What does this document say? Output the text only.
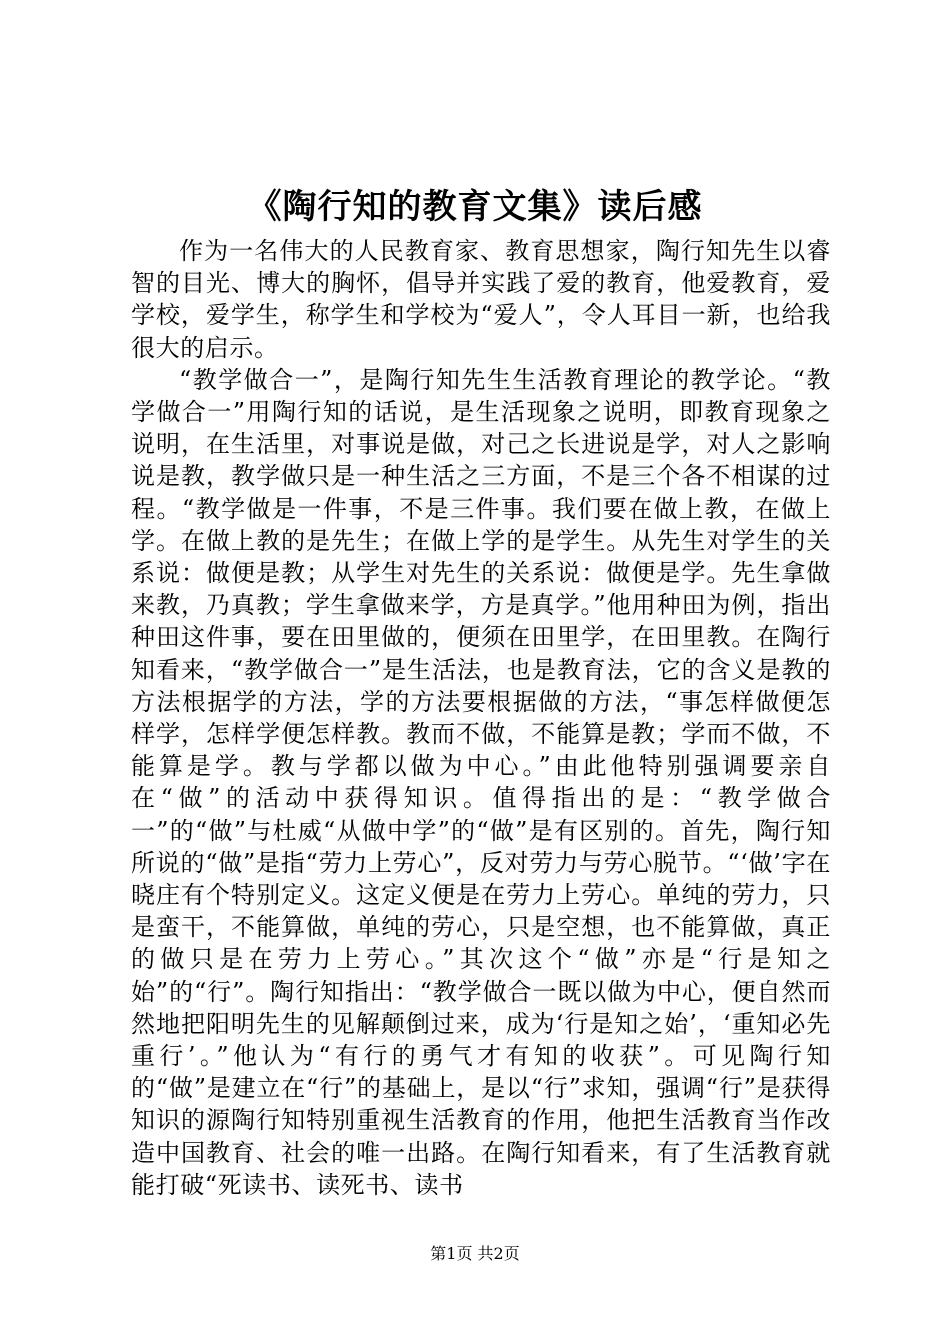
《陶行知的教育文集》读后感

作为一名伟大的人民教育家、教育思想家，陶行知先生以睿智的目光、博大的胸怀，倡导并实践了爱的教育，他爱教育，爱学校，爱学生，称学生和学校为“爱人”，令人耳目一新，也给我很大的启示。

“教学做合一”，是陶行知先生生活教育理论的教学论。“教学做合一”用陶行知的话说，是生活现象之说明，即教育现象之说明，在生活里，对事说是做，对己之长进说是学，对人之影响说是教，教学做只是一种生活之三方面，不是三个各不相谋的过程。“教学做是一件事，不是三件事。我们要在做上教，在做上学。在做上教的是先生；在做上学的是学生。从先生对学生的关系说：做便是教；从学生对先生的关系说：做便是学。先生拿做来教，乃真教；学生拿做来学，方是真学。”他用种田为例，指出种田这件事，要在田里做的，便须在田里学，在田里教。在陶行知看来，“教学做合一”是生活法，也是教育法，它的含义是教的方法根据学的方法，学的方法要根据做的方法，“事怎样做便怎样学，怎样学便怎样教。教而不做，不能算是教；学而不做，不能算是学。教与学都以做为中心。”由此他特别强调要亲自在“做”的活动中获得知识。值得指出的是：“教学做合一”的“做”与杜威“从做中学”的“做”是有区别的。首先，陶行知所说的“做”是指“劳力上劳心”，反对劳力与劳心脱节。“‘做’字在晓庄有个特别定义。这定义便是在劳力上劳心。单纯的劳力，只是蛮干，不能算做，单纯的劳心，只是空想，也不能算做，真正的做只是在劳力上劳心。”其次这个“做”亦是“行是知之始”的“行”。陶行知指出：“教学做合一既以做为中心，便自然而然地把阳明先生的见解颠倒过来，成为‘行是知之始’，‘重知必先重行’。”他认为“有行的勇气才有知的收获”。可见陶行知的“做”是建立在“行”的基础上，是以“行”求知，强调“行”是获得知识的源陶行知特别重视生活教育的作用，他把生活教育当作改造中国教育、社会的唯一出路。在陶行知看来，有了生活教育就能打破“死读书、读死书、读书

第1页 共2页
